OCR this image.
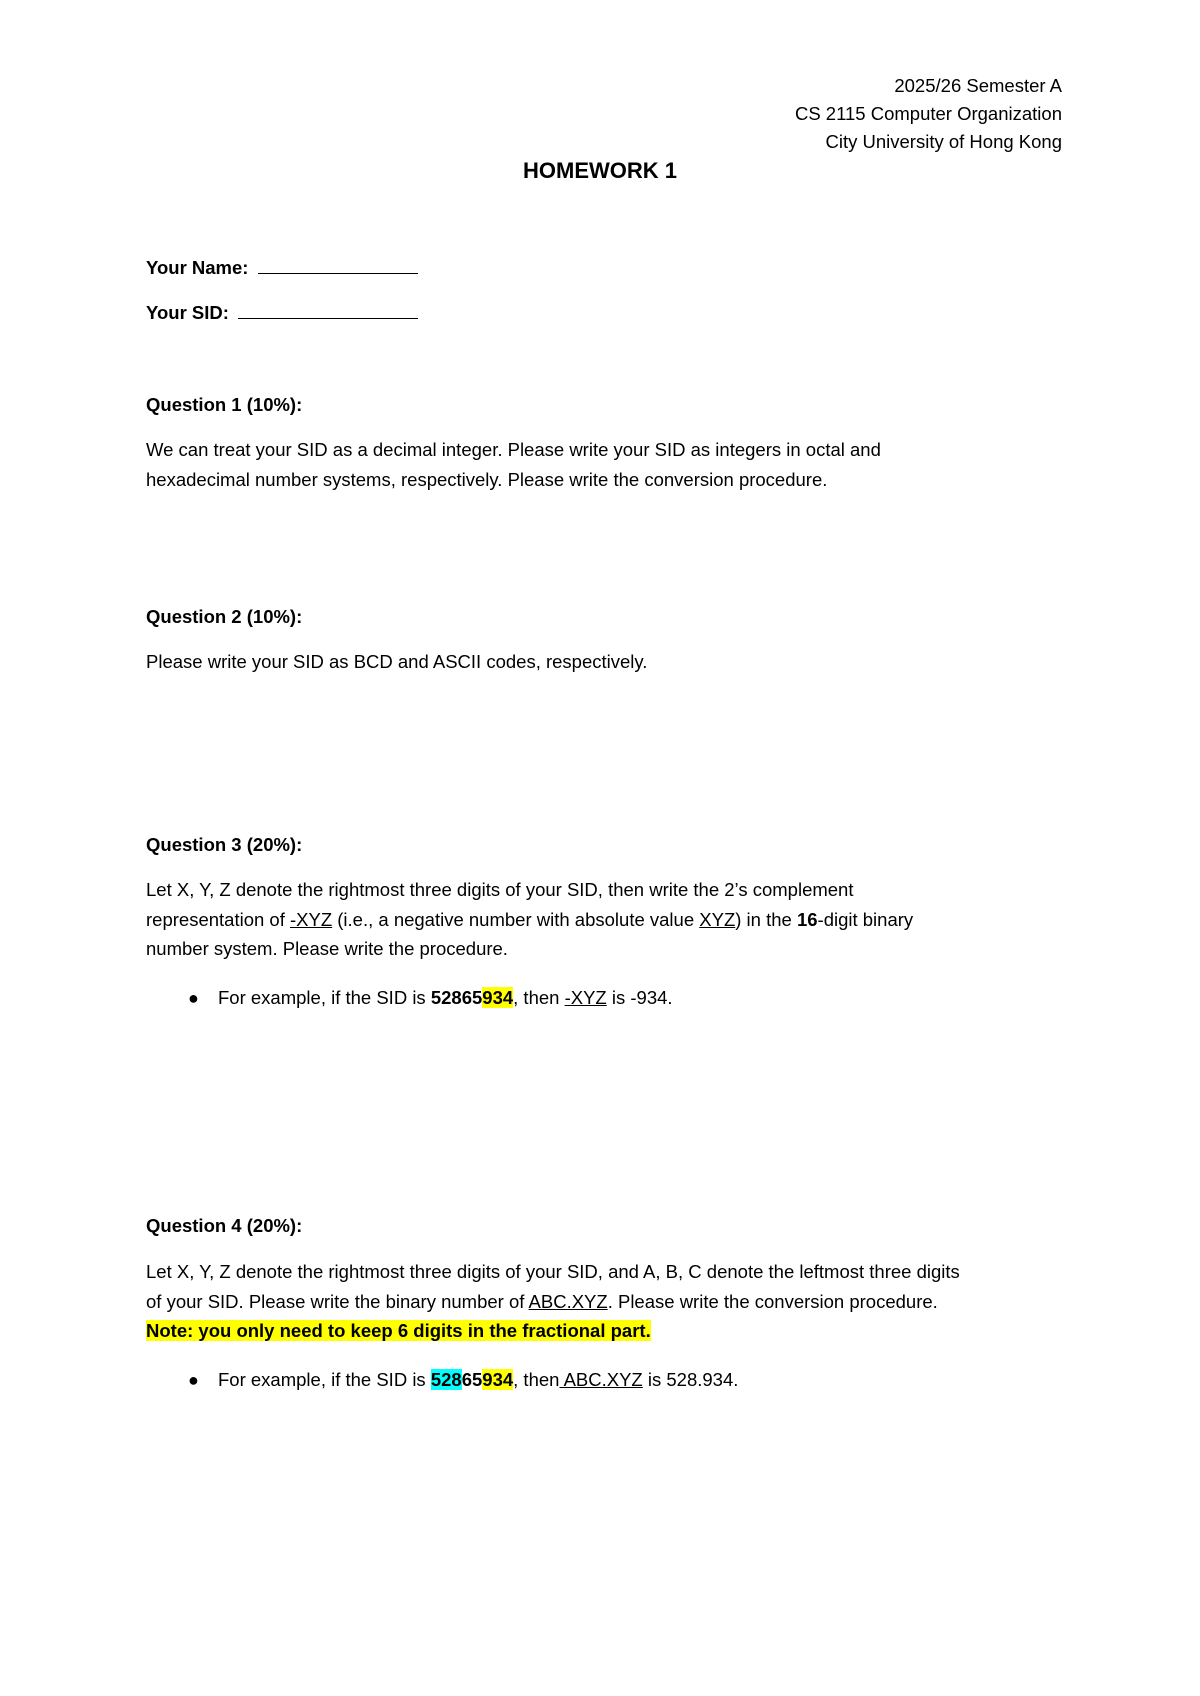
2025/26 Semester A
CS 2115 Computer Organization
City University of Hong Kong
HOMEWORK 1
Your Name:
Your SID:
Question 1 (10%):
We can treat your SID as a decimal integer. Please write your SID as integers in octal and
hexadecimal number systems, respectively. Please write the conversion procedure.
Question 2 (10%):
Please write your SID as BCD and ASCII codes, respectively.
Question 3 (20%):
Let X, Y, Z denote the rightmost three digits of your SID, then write the 2’s complement
representation of -XYZ (i.e., a negative number with absolute value XYZ) in the 16-digit binary
number system. Please write the procedure.
● For example, if the SID is 52865934, then -XYZ is -934.
Question 4 (20%):
Let X, Y, Z denote the rightmost three digits of your SID, and A, B, C denote the leftmost three digits
of your SID. Please write the binary number of ABC.XYZ. Please write the conversion procedure.
Note: you only need to keep 6 digits in the fractional part.
● For example, if the SID is 52865934, then ABC.XYZ is 528.934.
